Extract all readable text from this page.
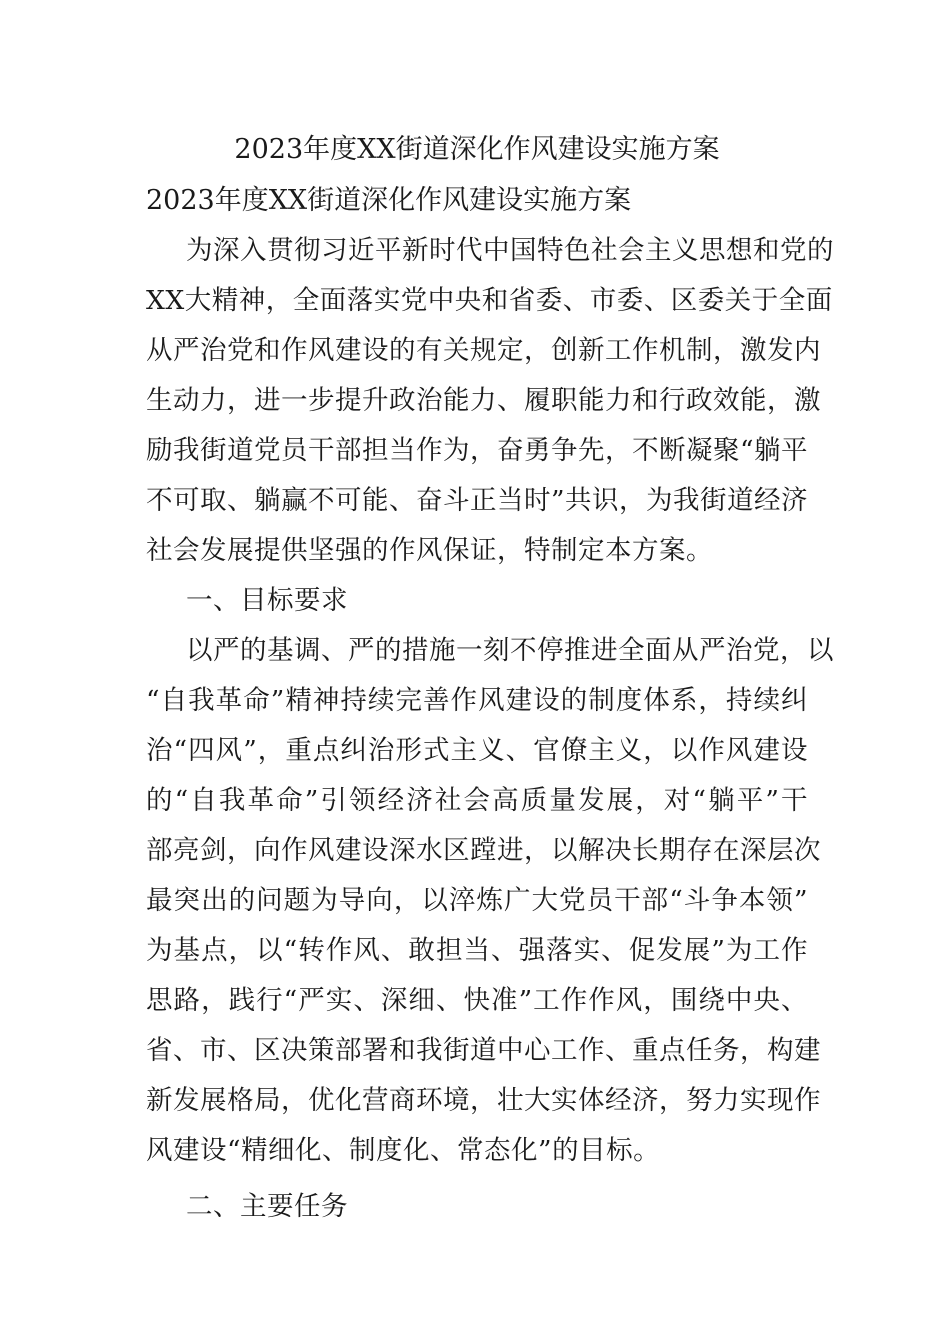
2023年度XX街道深化作风建设实施方案

2023年度XX街道深化作风建设实施方案

为深入贯彻习近平新时代中国特色社会主义思想和党的

XX大精神，全面落实党中央和省委、市委、区委关于全面

从严治党和作风建设的有关规定，创新工作机制，激发内

生动力，进一步提升政治能力、履职能力和行政效能，激

励我街道党员干部担当作为，奋勇争先，不断凝聚“躺平

不可取、躺赢不可能、奋斗正当时”共识，为我街道经济

社会发展提供坚强的作风保证，特制定本方案。

一、目标要求

以严的基调、严的措施一刻不停推进全面从严治党，以

“自我革命”精神持续完善作风建设的制度体系，持续纠

治“四风”，重点纠治形式主义、官僚主义，以作风建设

的“自我革命”引领经济社会高质量发展，对“躺平”干

部亮剑，向作风建设深水区蹚进，以解决长期存在深层次

最突出的问题为导向，以淬炼广大党员干部“斗争本领”

为基点，以“转作风、敢担当、强落实、促发展”为工作

思路，践行“严实、深细、快准”工作作风，围绕中央、

省、市、区决策部署和我街道中心工作、重点任务，构建

新发展格局，优化营商环境，壮大实体经济，努力实现作

风建设“精细化、制度化、常态化”的目标。

二、主要任务
